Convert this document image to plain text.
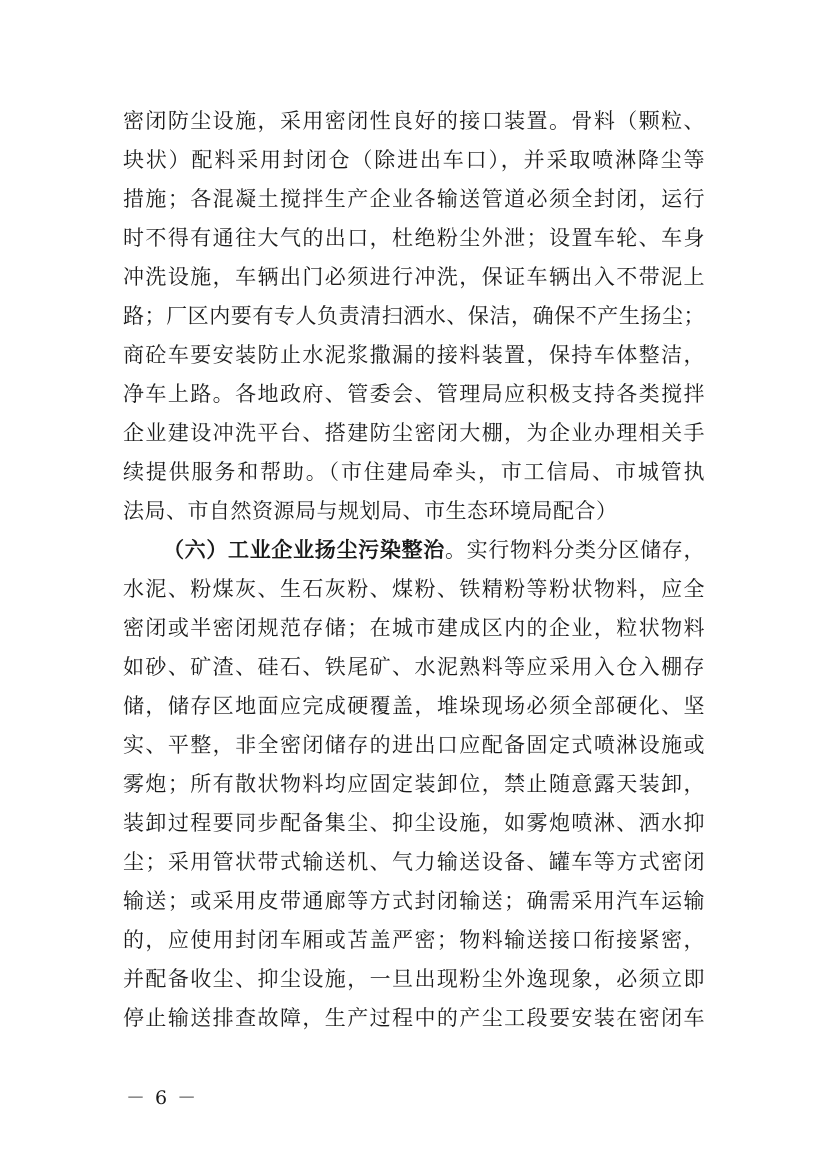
密闭防尘设施，采用密闭性良好的接口装置。骨料（颗粒、
块状）配料采用封闭仓（除进出车口），并采取喷淋降尘等
措施；各混凝土搅拌生产企业各输送管道必须全封闭，运行
时不得有通往大气的出口，杜绝粉尘外泄；设置车轮、车身
冲洗设施，车辆出门必须进行冲洗，保证车辆出入不带泥上
路；厂区内要有专人负责清扫洒水、保洁，确保不产生扬尘；
商砼车要安装防止水泥浆撒漏的接料装置，保持车体整洁，
净车上路。各地政府、管委会、管理局应积极支持各类搅拌
企业建设冲洗平台、搭建防尘密闭大棚，为企业办理相关手
续提供服务和帮助。（市住建局牵头，市工信局、市城管执
法局、市自然资源局与规划局、市生态环境局配合）
（六）工业企业扬尘污染整治。实行物料分类分区储存，
水泥、粉煤灰、生石灰粉、煤粉、铁精粉等粉状物料，应全
密闭或半密闭规范存储；在城市建成区内的企业，粒状物料
如砂、矿渣、硅石、铁尾矿、水泥熟料等应采用入仓入棚存
储，储存区地面应完成硬覆盖，堆垛现场必须全部硬化、坚
实、平整，非全密闭储存的进出口应配备固定式喷淋设施或
雾炮；所有散状物料均应固定装卸位，禁止随意露天装卸，
装卸过程要同步配备集尘、抑尘设施，如雾炮喷淋、洒水抑
尘；采用管状带式输送机、气力输送设备、罐车等方式密闭
输送；或采用皮带通廊等方式封闭输送；确需采用汽车运输
的，应使用封闭车厢或苫盖严密；物料输送接口衔接紧密，
并配备收尘、抑尘设施，一旦出现粉尘外逸现象，必须立即
停止输送排查故障，生产过程中的产尘工段要安装在密闭车
－ 6 －
